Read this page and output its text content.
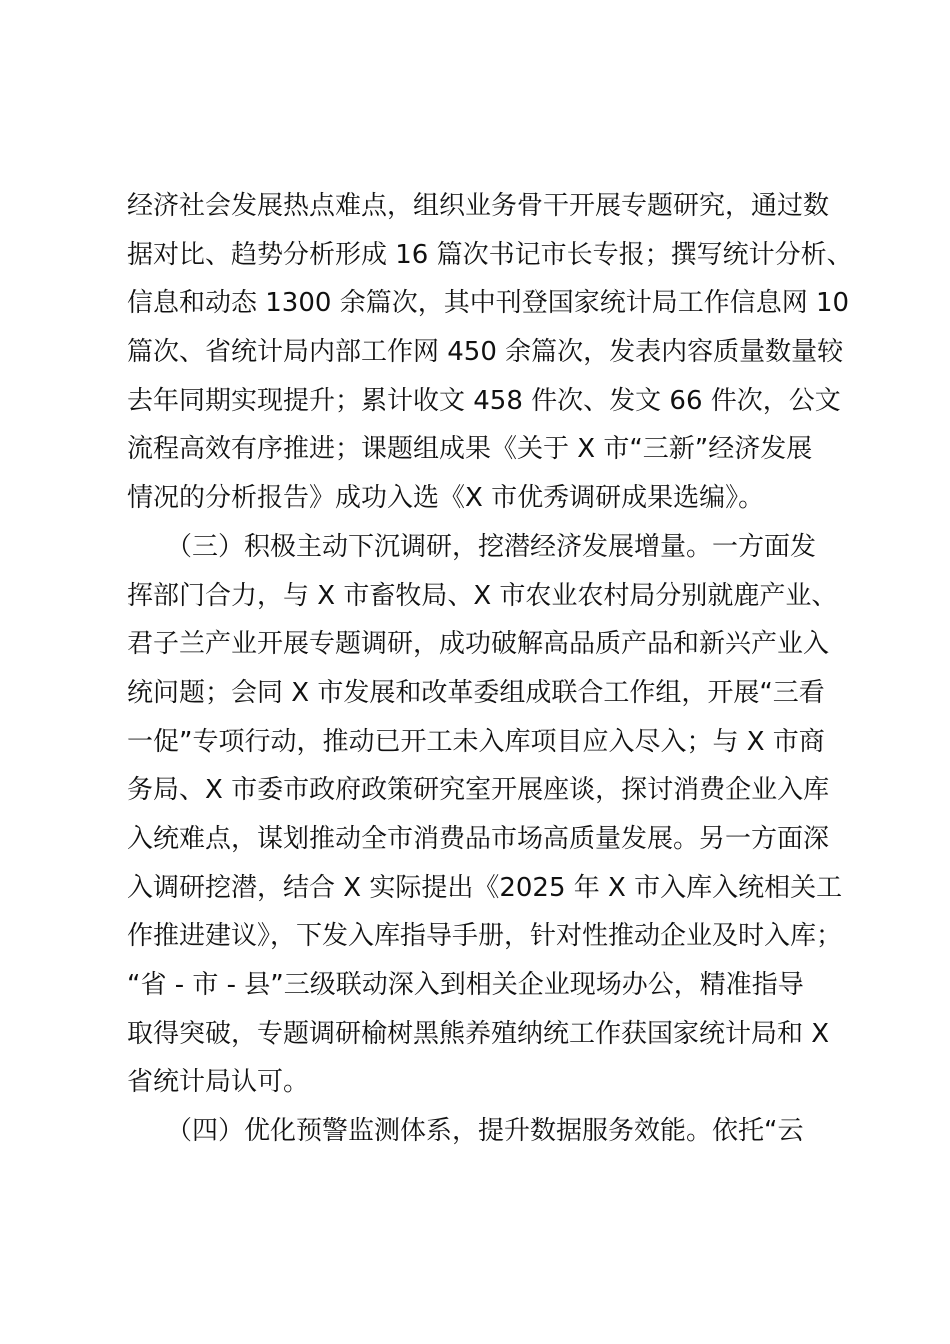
经济社会发展热点难点，组织业务骨干开展专题研究，通过数
据对比、趋势分析形成 16 篇次书记市长专报；撰写统计分析、
信息和动态 1300 余篇次，其中刊登国家统计局工作信息网 10
篇次、省统计局内部工作网 450 余篇次，发表内容质量数量较
去年同期实现提升；累计收文 458 件次、发文 66 件次，公文
流程高效有序推进；课题组成果《关于 X 市“三新”经济发展
情况的分析报告》成功入选《X 市优秀调研成果选编》。
　　（三）积极主动下沉调研，挖潜经济发展增量。一方面发
挥部门合力，与 X 市畜牧局、X 市农业农村局分别就鹿产业、
君子兰产业开展专题调研，成功破解高品质产品和新兴产业入
统问题；会同 X 市发展和改革委组成联合工作组，开展“三看
一促”专项行动，推动已开工未入库项目应入尽入；与 X 市商
务局、X 市委市政府政策研究室开展座谈，探讨消费企业入库
入统难点，谋划推动全市消费品市场高质量发展。另一方面深
入调研挖潜，结合 X 实际提出《2025 年 X 市入库入统相关工
作推进建议》，下发入库指导手册，针对性推动企业及时入库；
“省 - 市 - 县”三级联动深入到相关企业现场办公，精准指导
取得突破，专题调研榆树黑熊养殖纳统工作获国家统计局和 X
省统计局认可。
　　（四）优化预警监测体系，提升数据服务效能。依托“云
